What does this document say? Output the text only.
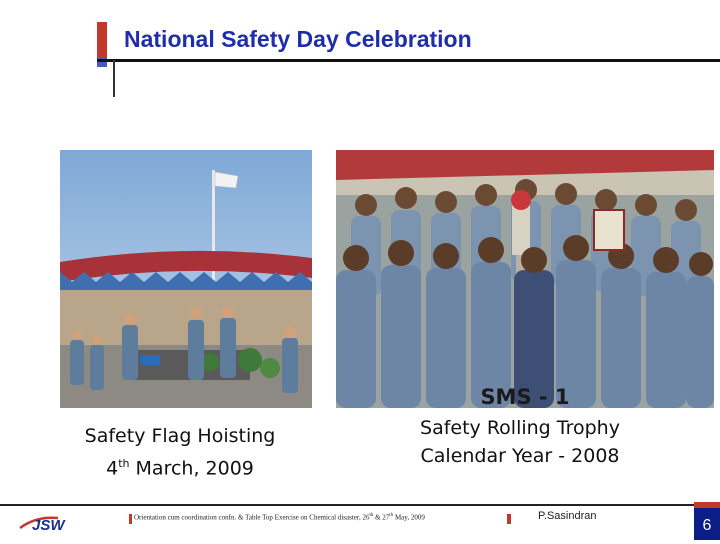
National Safety Day Celebration
SMS - 1
Safety Flag Hoisting
4th March, 2009
Safety Rolling Trophy
Calendar Year - 2008
JSW	Orientation cum coordination confn. & Table Top Exercise on Chemical disaster, 26th & 27th May, 2009	P.Sasindran
6
